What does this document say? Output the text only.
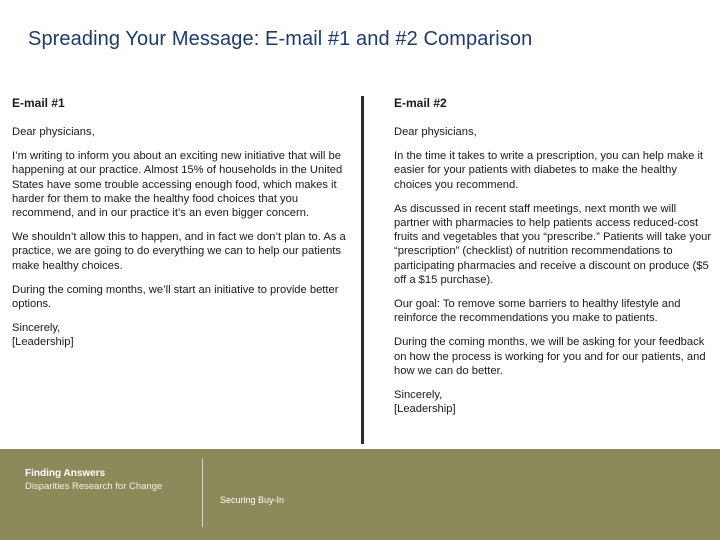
Spreading Your Message: E-mail #1 and #2 Comparison
E-mail #1
Dear physicians,
I’m writing to inform you about an exciting new initiative that will be happening at our practice. Almost 15% of households in the United States have some trouble accessing enough food, which makes it harder for them to make the healthy food choices that you recommend, and in our practice it’s an even bigger concern.
We shouldn’t allow this to happen, and in fact we don’t plan to. As a practice, we are going to do everything we can to help our patients make healthy choices.
During the coming months, we’ll start an initiative to provide better options.
Sincerely,
[Leadership]
E-mail #2
Dear physicians,
In the time it takes to write a prescription, you can help make it easier for your patients with diabetes to make the healthy choices you recommend.
As discussed in recent staff meetings, next month we will partner with pharmacies to help patients access reduced-cost fruits and vegetables that you “prescribe.” Patients will take your “prescription” (checklist) of nutrition recommendations to participating pharmacies and receive a discount on produce ($5 off a $15 purchase).
Our goal: To remove some barriers to healthy lifestyle and reinforce the recommendations you make to patients.
During the coming months, we will be asking for your feedback on how the process is working for you and for our patients, and how we can do better.
Sincerely,
[Leadership]
Finding Answers
Disparities Research for Change
Securing Buy-In
